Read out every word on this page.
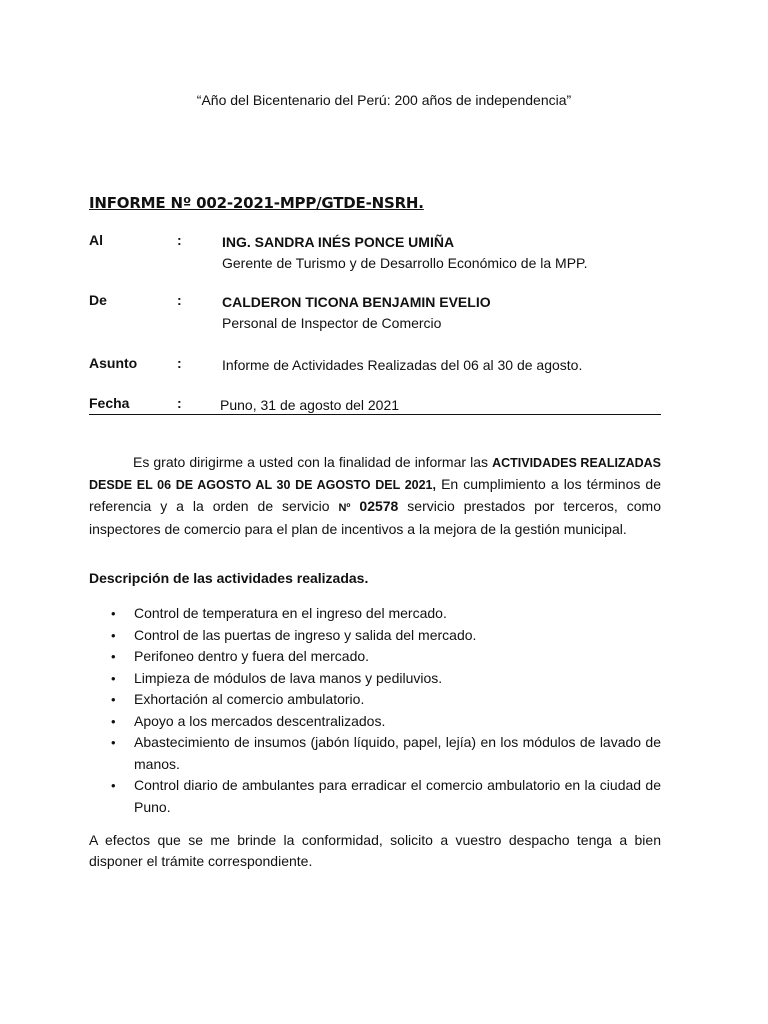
“Año del Bicentenario del Perú: 200 años de independencia”
INFORME Nº 002-2021-MPP/GTDE-NSRH.
Al	:	ING. SANDRA INÉS PONCE UMIÑA
Gerente de Turismo y de Desarrollo Económico de la MPP.
De	:	CALDERON TICONA BENJAMIN EVELIO
Personal de Inspector de Comercio
Asunto	:	Informe de Actividades Realizadas del 06 al 30 de agosto.
Fecha	:	Puno, 31 de agosto del 2021
Es grato dirigirme a usted con la finalidad de informar las ACTIVIDADES REALIZADAS DESDE EL 06 DE AGOSTO AL 30 DE AGOSTO DEL 2021, En cumplimiento a los términos de referencia y a la orden de servicio Nº 02578 servicio prestados por terceros, como inspectores de comercio para el plan de incentivos a la mejora de la gestión municipal.
Descripción de las actividades realizadas.
• Control de temperatura en el ingreso del mercado.
• Control de las puertas de ingreso y salida del mercado.
• Perifoneo dentro y fuera del mercado.
• Limpieza de módulos de lava manos y pediluvios.
• Exhortación al comercio ambulatorio.
• Apoyo a los mercados descentralizados.
• Abastecimiento de insumos (jabón líquido, papel, lejía) en los módulos de lavado de manos.
• Control diario de ambulantes para erradicar el comercio ambulatorio en la ciudad de Puno.
A efectos que se me brinde la conformidad, solicito a vuestro despacho tenga a bien disponer el trámite correspondiente.
